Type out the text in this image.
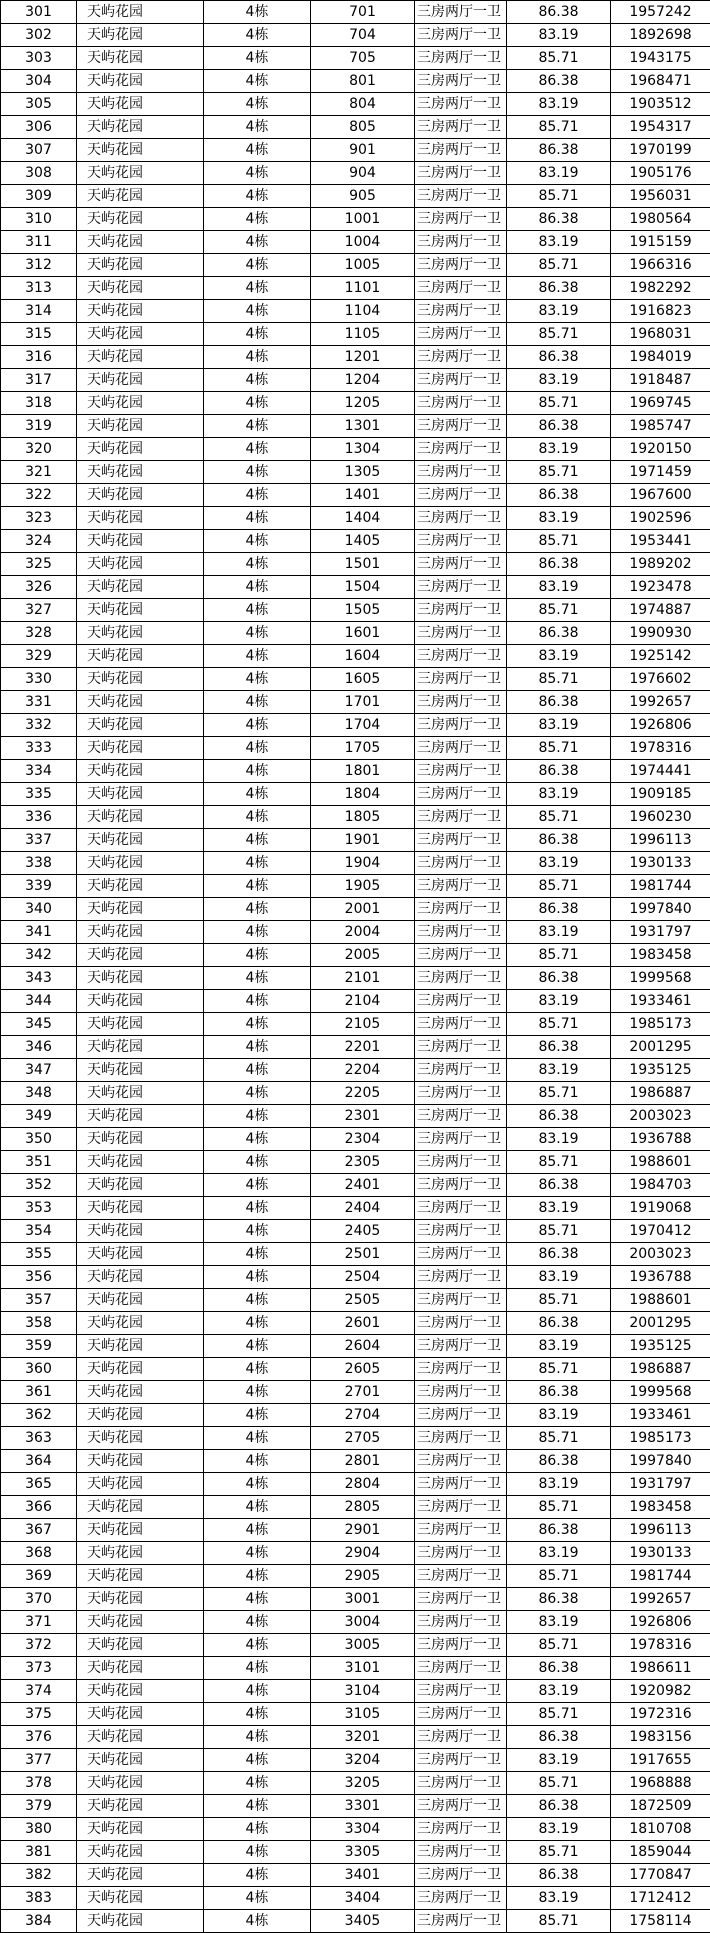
301	天屿花园	4栋	701	三房两厅一卫	86.38	1957242
302	天屿花园	4栋	704	三房两厅一卫	83.19	1892698
303	天屿花园	4栋	705	三房两厅一卫	85.71	1943175
304	天屿花园	4栋	801	三房两厅一卫	86.38	1968471
305	天屿花园	4栋	804	三房两厅一卫	83.19	1903512
306	天屿花园	4栋	805	三房两厅一卫	85.71	1954317
307	天屿花园	4栋	901	三房两厅一卫	86.38	1970199
308	天屿花园	4栋	904	三房两厅一卫	83.19	1905176
309	天屿花园	4栋	905	三房两厅一卫	85.71	1956031
310	天屿花园	4栋	1001	三房两厅一卫	86.38	1980564
311	天屿花园	4栋	1004	三房两厅一卫	83.19	1915159
312	天屿花园	4栋	1005	三房两厅一卫	85.71	1966316
313	天屿花园	4栋	1101	三房两厅一卫	86.38	1982292
314	天屿花园	4栋	1104	三房两厅一卫	83.19	1916823
315	天屿花园	4栋	1105	三房两厅一卫	85.71	1968031
316	天屿花园	4栋	1201	三房两厅一卫	86.38	1984019
317	天屿花园	4栋	1204	三房两厅一卫	83.19	1918487
318	天屿花园	4栋	1205	三房两厅一卫	85.71	1969745
319	天屿花园	4栋	1301	三房两厅一卫	86.38	1985747
320	天屿花园	4栋	1304	三房两厅一卫	83.19	1920150
321	天屿花园	4栋	1305	三房两厅一卫	85.71	1971459
322	天屿花园	4栋	1401	三房两厅一卫	86.38	1967600
323	天屿花园	4栋	1404	三房两厅一卫	83.19	1902596
324	天屿花园	4栋	1405	三房两厅一卫	85.71	1953441
325	天屿花园	4栋	1501	三房两厅一卫	86.38	1989202
326	天屿花园	4栋	1504	三房两厅一卫	83.19	1923478
327	天屿花园	4栋	1505	三房两厅一卫	85.71	1974887
328	天屿花园	4栋	1601	三房两厅一卫	86.38	1990930
329	天屿花园	4栋	1604	三房两厅一卫	83.19	1925142
330	天屿花园	4栋	1605	三房两厅一卫	85.71	1976602
331	天屿花园	4栋	1701	三房两厅一卫	86.38	1992657
332	天屿花园	4栋	1704	三房两厅一卫	83.19	1926806
333	天屿花园	4栋	1705	三房两厅一卫	85.71	1978316
334	天屿花园	4栋	1801	三房两厅一卫	86.38	1974441
335	天屿花园	4栋	1804	三房两厅一卫	83.19	1909185
336	天屿花园	4栋	1805	三房两厅一卫	85.71	1960230
337	天屿花园	4栋	1901	三房两厅一卫	86.38	1996113
338	天屿花园	4栋	1904	三房两厅一卫	83.19	1930133
339	天屿花园	4栋	1905	三房两厅一卫	85.71	1981744
340	天屿花园	4栋	2001	三房两厅一卫	86.38	1997840
341	天屿花园	4栋	2004	三房两厅一卫	83.19	1931797
342	天屿花园	4栋	2005	三房两厅一卫	85.71	1983458
343	天屿花园	4栋	2101	三房两厅一卫	86.38	1999568
344	天屿花园	4栋	2104	三房两厅一卫	83.19	1933461
345	天屿花园	4栋	2105	三房两厅一卫	85.71	1985173
346	天屿花园	4栋	2201	三房两厅一卫	86.38	2001295
347	天屿花园	4栋	2204	三房两厅一卫	83.19	1935125
348	天屿花园	4栋	2205	三房两厅一卫	85.71	1986887
349	天屿花园	4栋	2301	三房两厅一卫	86.38	2003023
350	天屿花园	4栋	2304	三房两厅一卫	83.19	1936788
351	天屿花园	4栋	2305	三房两厅一卫	85.71	1988601
352	天屿花园	4栋	2401	三房两厅一卫	86.38	1984703
353	天屿花园	4栋	2404	三房两厅一卫	83.19	1919068
354	天屿花园	4栋	2405	三房两厅一卫	85.71	1970412
355	天屿花园	4栋	2501	三房两厅一卫	86.38	2003023
356	天屿花园	4栋	2504	三房两厅一卫	83.19	1936788
357	天屿花园	4栋	2505	三房两厅一卫	85.71	1988601
358	天屿花园	4栋	2601	三房两厅一卫	86.38	2001295
359	天屿花园	4栋	2604	三房两厅一卫	83.19	1935125
360	天屿花园	4栋	2605	三房两厅一卫	85.71	1986887
361	天屿花园	4栋	2701	三房两厅一卫	86.38	1999568
362	天屿花园	4栋	2704	三房两厅一卫	83.19	1933461
363	天屿花园	4栋	2705	三房两厅一卫	85.71	1985173
364	天屿花园	4栋	2801	三房两厅一卫	86.38	1997840
365	天屿花园	4栋	2804	三房两厅一卫	83.19	1931797
366	天屿花园	4栋	2805	三房两厅一卫	85.71	1983458
367	天屿花园	4栋	2901	三房两厅一卫	86.38	1996113
368	天屿花园	4栋	2904	三房两厅一卫	83.19	1930133
369	天屿花园	4栋	2905	三房两厅一卫	85.71	1981744
370	天屿花园	4栋	3001	三房两厅一卫	86.38	1992657
371	天屿花园	4栋	3004	三房两厅一卫	83.19	1926806
372	天屿花园	4栋	3005	三房两厅一卫	85.71	1978316
373	天屿花园	4栋	3101	三房两厅一卫	86.38	1986611
374	天屿花园	4栋	3104	三房两厅一卫	83.19	1920982
375	天屿花园	4栋	3105	三房两厅一卫	85.71	1972316
376	天屿花园	4栋	3201	三房两厅一卫	86.38	1983156
377	天屿花园	4栋	3204	三房两厅一卫	83.19	1917655
378	天屿花园	4栋	3205	三房两厅一卫	85.71	1968888
379	天屿花园	4栋	3301	三房两厅一卫	86.38	1872509
380	天屿花园	4栋	3304	三房两厅一卫	83.19	1810708
381	天屿花园	4栋	3305	三房两厅一卫	85.71	1859044
382	天屿花园	4栋	3401	三房两厅一卫	86.38	1770847
383	天屿花园	4栋	3404	三房两厅一卫	83.19	1712412
384	天屿花园	4栋	3405	三房两厅一卫	85.71	1758114
